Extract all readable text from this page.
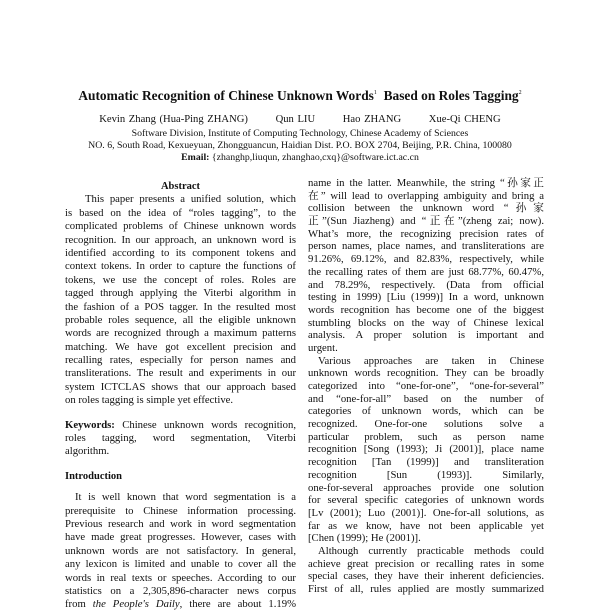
Automatic Recognition of Chinese Unknown Words$^1$ Based on Roles Tagging$^2$
Kevin Zhang (Hua-Ping ZHANG)	Qun LIU	Hao ZHANG	Xue-Qi CHENG
Software Division, Institute of Computing Technology, Chinese Academy of Sciences
NO. 6, South Road, Kexueyuan, Zhongguancun, Haidian Dist. P.O. BOX 2704, Beijing, P.R. China, 100080
Email: {zhanghp,liuqun, zhanghao,cxq}@software.ict.ac.cn
Abstract
This paper presents a unified solution, which
is based on the idea of “roles tagging”, to the
complicated problems of Chinese unknown words
recognition. In our approach, an unknown word is
identified according to its component tokens and
context tokens. In order to capture the functions of
tokens, we use the concept of roles. Roles are
tagged through applying the Viterbi algorithm in
the fashion of a POS tagger. In the resulted most
probable roles sequence, all the eligible unknown
words are recognized through a maximum patterns
matching. We have got excellent precision and
recalling rates, especially for person names and
transliterations. The result and experiments in our
system ICTCLAS shows that our approach based
on roles tagging is simple yet effective.
Keywords: Chinese unknown words recognition,
roles tagging, word segmentation, Viterbi
algorithm.
Introduction
It is well known that word segmentation is a
prerequisite to Chinese information processing.
Previous research and work in word segmentation
have made great progresses. However, cases with
unknown words are not satisfactory. In general,
any lexicon is limited and unable to cover all the
words in real texts or speeches. According to our
statistics on a 2,305,896-character news corpus
from the People's Daily, there are about 1.19%
name in the latter. Meanwhile, the string “孙家正
在” will lead to overlapping ambiguity and bring a
collision between the unknown word “孙家
正”(Sun Jiazheng) and “正在”(zheng zai; now).
What’s more, the recognizing precision rates of
person names, place names, and transliterations are
91.26%, 69.12%, and 82.83%, respectively, while
the recalling rates of them are just 68.77%, 60.47%,
and 78.29%, respectively. (Data from official
testing in 1999) [Liu (1999)] In a word, unknown
words recognition has become one of the biggest
stumbling blocks on the way of Chinese lexical
analysis. A proper solution is important and
urgent.
Various approaches are taken in Chinese
unknown words recognition. They can be broadly
categorized into “one-for-one”, “one-for-several”
and “one-for-all” based on the number of
categories of unknown words, which can be
recognized. One-for-one solutions solve a
particular problem, such as person name
recognition [Song (1993); Ji (2001)], place name
recognition [Tan (1999)] and transliteration
recognition [Sun (1993)]. Similarly,
one-for-several approaches provide one solution
for several specific categories of unknown words
[Lv (2001); Luo (2001)]. One-for-all solutions, as
far as we know, have not been applicable yet
[Chen (1999); He (2001)].
Although currently practicable methods could
achieve great precision or recalling rates in some
special cases, they have their inherent deficiencies.
First of all, rules applied are mostly summarized
